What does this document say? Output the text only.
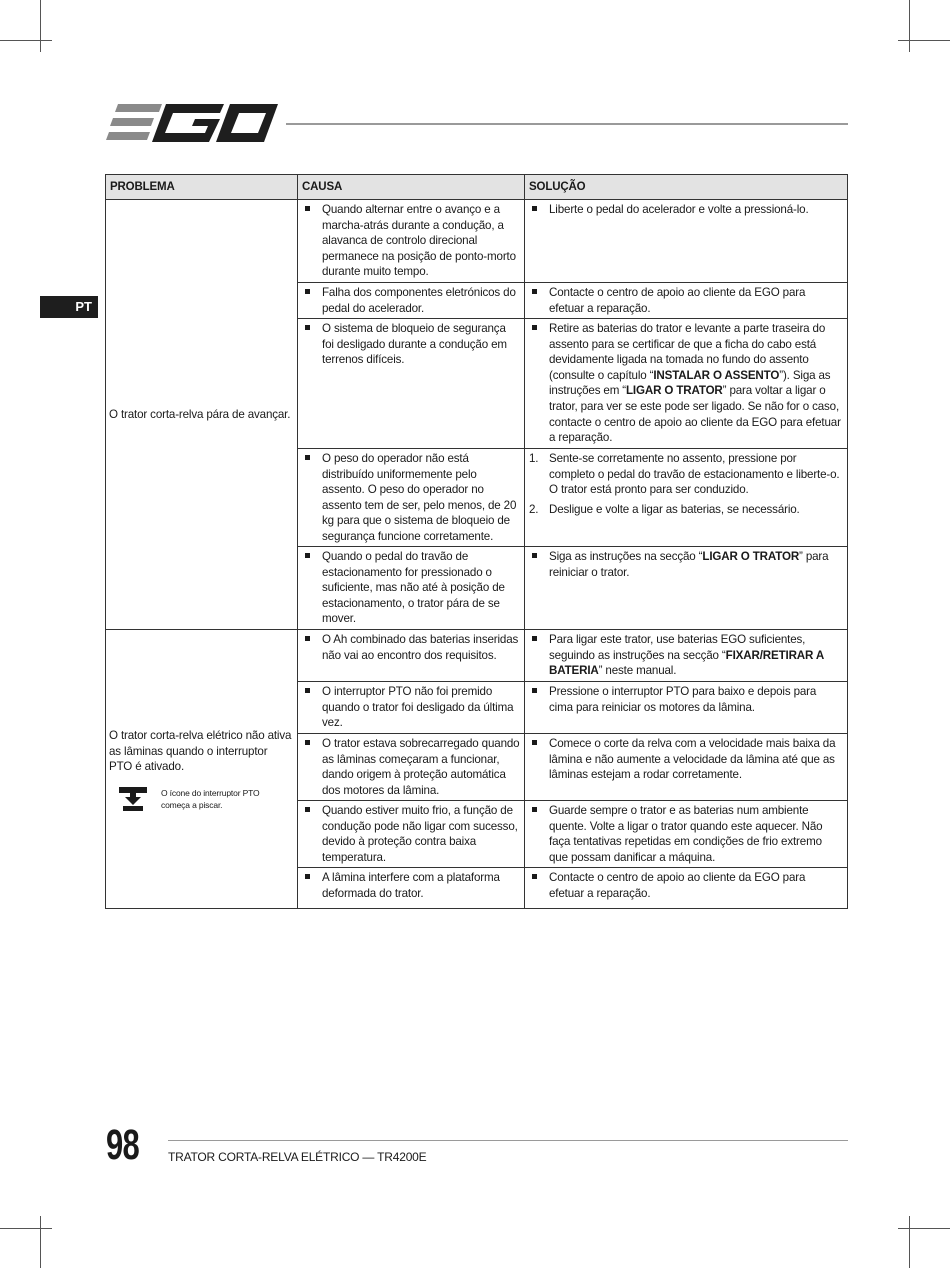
PT
PROBLEMA	CAUSA	SOLUÇÃO
O trator corta-relva pára de avançar.	Quando alternar entre o avanço e a marcha-atrás durante a condução, a alavanca de controlo direcional permanece na posição de ponto-morto durante muito tempo.	Liberte o pedal do acelerador e volte a pressioná-lo.

Falha dos componentes eletrónicos do pedal do acelerador.	Contacte o centro de apoio ao cliente da EGO para efetuar a reparação.

O sistema de bloqueio de segurança foi desligado durante a condução em terrenos difíceis.	Retire as baterias do trator e levante a parte traseira do assento para se certificar de que a ficha do cabo está devidamente ligada na tomada no fundo do assento (consulte o capítulo “INSTALAR O ASSENTO”). Siga as instruções em “LIGAR O TRATOR” para voltar a ligar o trator, para ver se este pode ser ligado. Se não for o caso, contacte o centro de apoio ao cliente da EGO para efetuar a reparação.

O peso do operador não está distribuído uniformemente pelo assento. O peso do operador no assento tem de ser, pelo menos, de 20 kg para que o sistema de bloqueio de segurança funcione corretamente.	1. Sente-se corretamente no assento, pressione por completo o pedal do travão de estacionamento e liberte-o. O trator está pronto para ser conduzido.
2. Desligue e volte a ligar as baterias, se necessário.

Quando o pedal do travão de estacionamento for pressionado o suficiente, mas não até à posição de estacionamento, o trator pára de se mover.	Siga as instruções na secção “LIGAR O TRATOR” para reiniciar o trator.

O trator corta-relva elétrico não ativa as lâminas quando o interruptor PTO é ativado.
O ícone do interruptor PTO começa a piscar.	O Ah combinado das baterias inseridas não vai ao encontro dos requisitos.	Para ligar este trator, use baterias EGO suficientes, seguindo as instruções na secção “FIXAR/RETIRAR A BATERIA” neste manual.

O interruptor PTO não foi premido quando o trator foi desligado da última vez.	Pressione o interruptor PTO para baixo e depois para cima para reiniciar os motores da lâmina.

O trator estava sobrecarregado quando as lâminas começaram a funcionar, dando origem à proteção automática dos motores da lâmina.	Comece o corte da relva com a velocidade mais baixa da lâmina e não aumente a velocidade da lâmina até que as lâminas estejam a rodar corretamente.

Quando estiver muito frio, a função de condução pode não ligar com sucesso, devido à proteção contra baixa temperatura.	Guarde sempre o trator e as baterias num ambiente quente. Volte a ligar o trator quando este aquecer. Não faça tentativas repetidas em condições de frio extremo que possam danificar a máquina.

A lâmina interfere com a plataforma deformada do trator.	Contacte o centro de apoio ao cliente da EGO para efetuar a reparação.
98 TRATOR CORTA-RELVA ELÉTRICO — TR4200E
